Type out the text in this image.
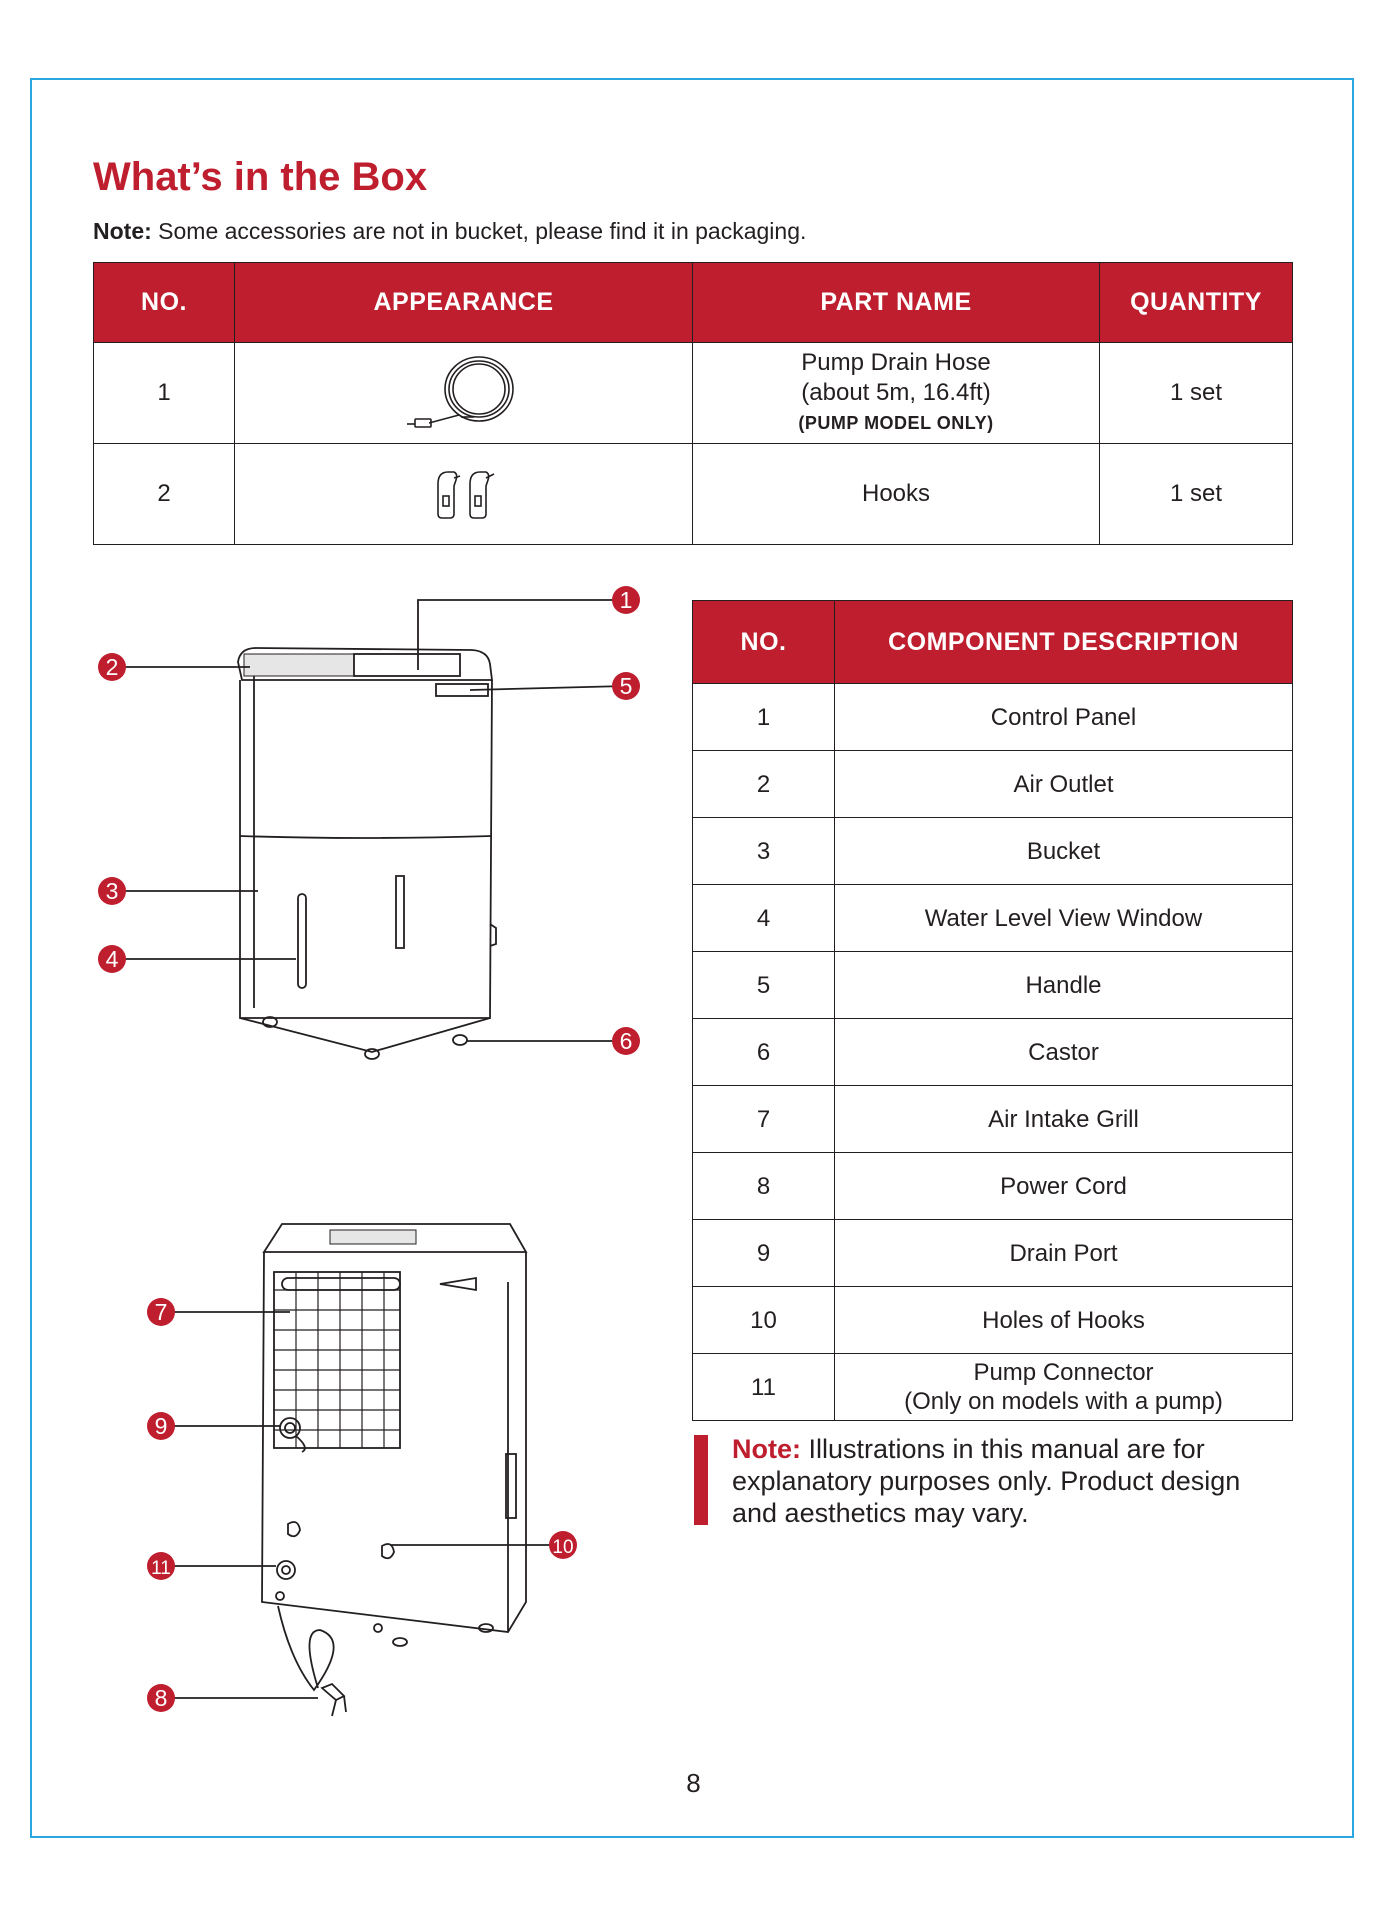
What’s in the Box
Note: Some accessories are not in bucket, please find it in packaging.
NO.	APPEARANCE	PART NAME	QUANTITY
1		Pump Drain Hose
(about 5m, 16.4ft)
(PUMP MODEL ONLY)	1 set
2		Hooks	1 set
NO.	COMPONENT DESCRIPTION
1	Control Panel
2	Air Outlet
3	Bucket
4	Water Level View Window
5	Handle
6	Castor
7	Air Intake Grill
8	Power Cord
9	Drain Port
10	Holes of Hooks
11	Pump Connector
(Only on models with a pump)
1
2
5
3
4
6
7
9
10
11
8
Note: Illustrations in this manual are for explanatory purposes only. Product design and aesthetics may vary.
8
